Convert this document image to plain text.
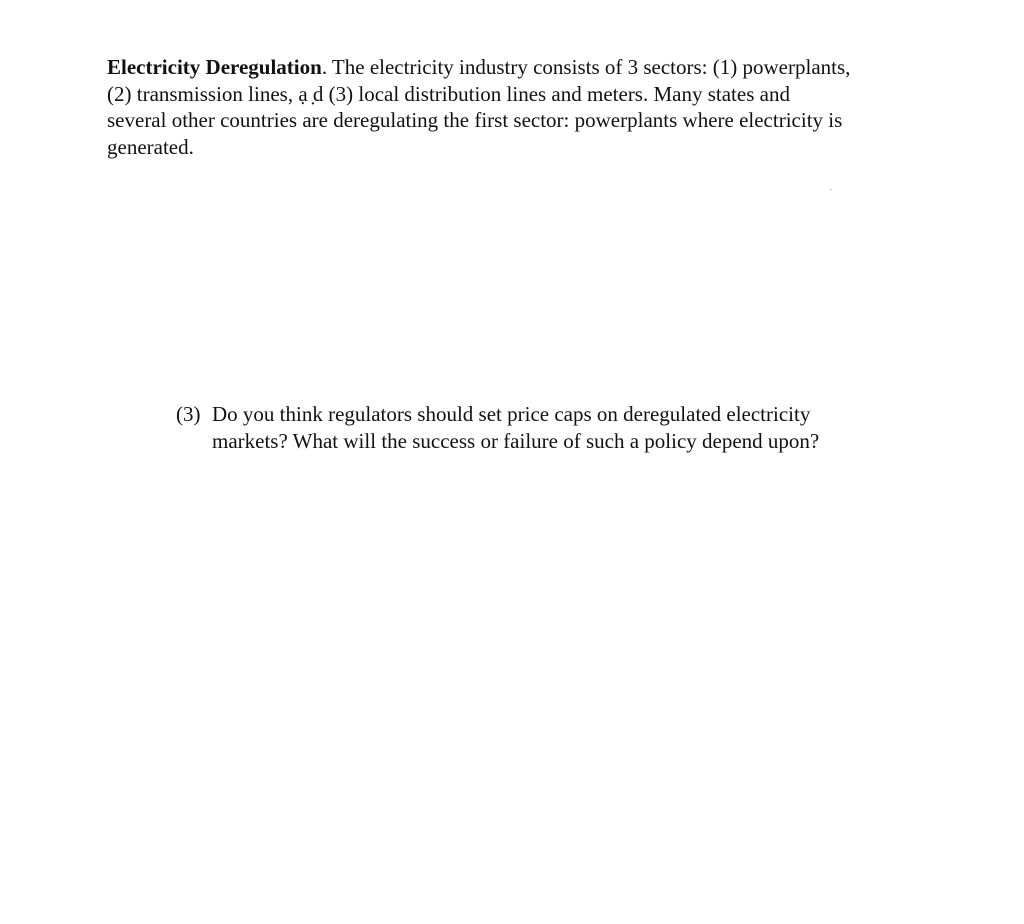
Electricity Deregulation. The electricity industry consists of 3 sectors: (1) powerplants,
(2) transmission lines, ạ ̣d (3) local distribution lines and meters. Many states and
several other countries are deregulating the first sector: powerplants where electricity is
generated.
(3) Do you think regulators should set price caps on deregulated electricity
markets? What will the success or failure of such a policy depend upon?
